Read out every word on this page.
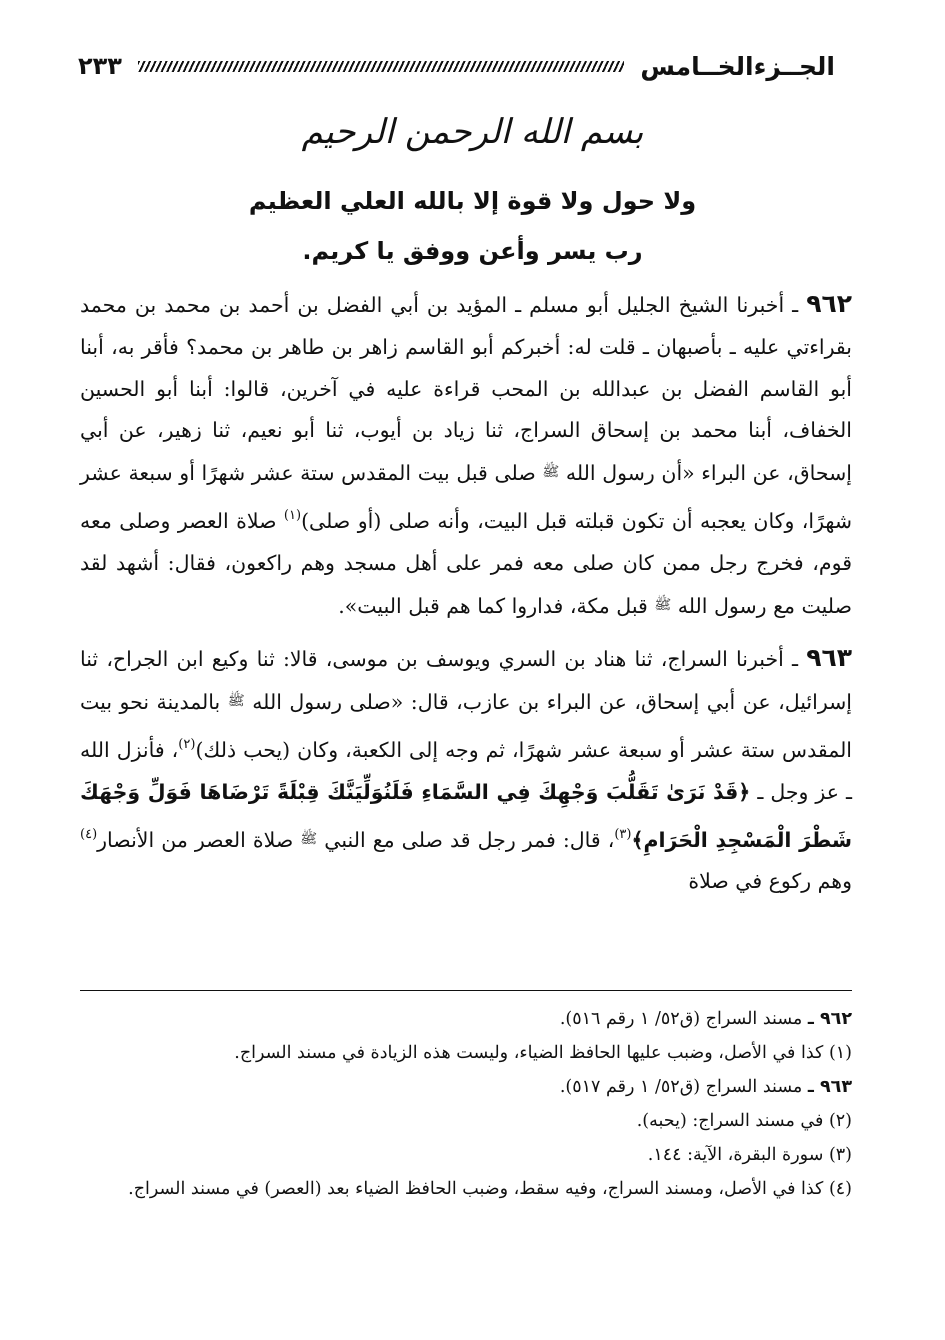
الجــزءالخــامس
٢٣٣
بسم الله الرحمن الرحيم
ولا حول ولا قوة إلا بالله العلي العظيم
رب يسر وأعن ووفق يا كريم.

٩٦٢ ـ أخبرنا الشيخ الجليل أبو مسلم ـ المؤيد بن أبي الفضل بن أحمد بن محمد بن محمد بقراءتي عليه ـ بأصبهان ـ قلت له: أخبركم أبو القاسم زاهر بن طاهر بن محمد؟ فأقر به، أبنا أبو القاسم الفضل بن عبدالله بن المحب قراءة عليه في آخرين، قالوا: أبنا أبو الحسين الخفاف، أبنا محمد بن إسحاق السراج، ثنا زياد بن أيوب، ثنا أبو نعيم، ثنا زهير، عن أبي إسحاق، عن البراء «أن رسول الله ﷺ صلى قبل بيت المقدس ستة عشر شهرًا أو سبعة عشر شهرًا، وكان يعجبه أن تكون قبلته قبل البيت، وأنه صلى (أو صلى)$^{(١)}$ صلاة العصر وصلى معه قوم، فخرج رجل ممن كان صلى معه فمر على أهل مسجد وهم راكعون، فقال: أشهد لقد صليت مع رسول الله ﷺ قبل مكة، فداروا كما هم قبل البيت».

٩٦٣ ـ أخبرنا السراج، ثنا هناد بن السري ويوسف بن موسى، قالا: ثنا وكيع ابن الجراح، ثنا إسرائيل، عن أبي إسحاق، عن البراء بن عازب، قال: «صلى رسول الله ﷺ بالمدينة نحو بيت المقدس ستة عشر أو سبعة عشر شهرًا، ثم وجه إلى الكعبة، وكان (يحب ذلك)$^{(٢)}$، فأنزل الله ـ عز وجل ـ ﴿قَدْ نَرَىٰ تَقَلُّبَ وَجْهِكَ فِي السَّمَاءِ فَلَنُوَلِّيَنَّكَ قِبْلَةً تَرْضَاهَا فَوَلِّ وَجْهَكَ شَطْرَ الْمَسْجِدِ الْحَرَامِ﴾$^{(٣)}$، قال: فمر رجل قد صلى مع النبي ﷺ صلاة العصر من الأنصار$^{(٤)}$ وهم ركوع في صلاة

٩٦٢ ـ مسند السراج (ق٥٢/ ١ رقم ٥١٦).
(١) كذا في الأصل، وضبب عليها الحافظ الضياء، وليست هذه الزيادة في مسند السراج.
٩٦٣ ـ مسند السراج (ق٥٢/ ١ رقم ٥١٧).
(٢) في مسند السراج: (يحبه).
(٣) سورة البقرة، الآية: ١٤٤.
(٤) كذا في الأصل، ومسند السراج، وفيه سقط، وضبب الحافظ الضياء بعد (العصر) في مسند السراج.
